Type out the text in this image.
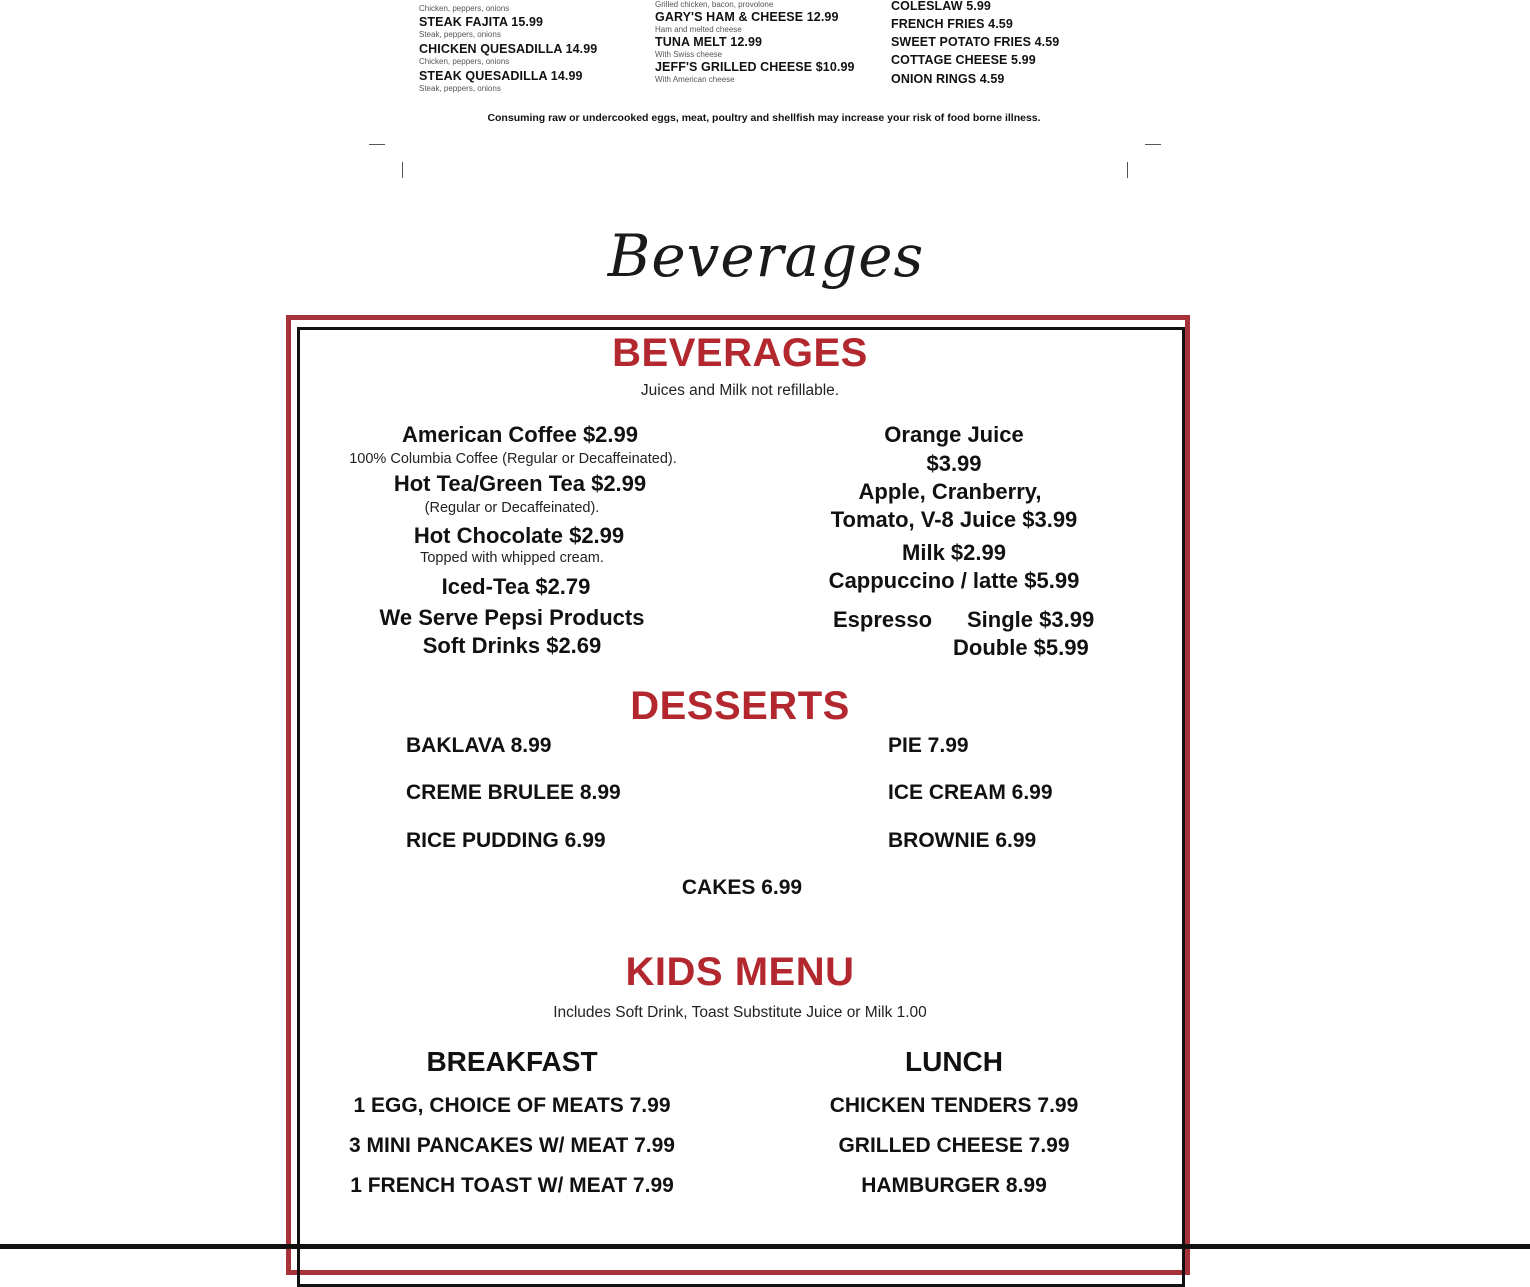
Chicken, peppers, onions
STEAK FAJITA 15.99
Steak, peppers, onions
CHICKEN QUESADILLA 14.99
Chicken, peppers, onions
STEAK QUESADILLA 14.99
Steak, peppers, onions
Grilled chicken, bacon, provolone
GARY'S HAM & CHEESE 12.99
Ham and melted cheese
TUNA MELT 12.99
With Swiss cheese
JEFF'S GRILLED CHEESE $10.99
With American cheese
COLESLAW 5.99
FRENCH FRIES 4.59
SWEET POTATO FRIES 4.59
COTTAGE CHEESE 5.99
ONION RINGS 4.59
Consuming raw or undercooked eggs, meat, poultry and shellfish may increase your risk of food borne illness.
Beverages
BEVERAGES
Juices and Milk not refillable.
American Coffee $2.99
100% Columbia Coffee (Regular or Decaffeinated).
Hot Tea/Green Tea $2.99
(Regular or Decaffeinated).
Hot Chocolate $2.99
Topped with whipped cream.
Iced-Tea $2.79
We Serve Pepsi Products
Soft Drinks $2.69
Orange Juice
$3.99
Apple, Cranberry,
Tomato, V-8 Juice $3.99
Milk $2.99
Cappuccino / latte $5.99
Espresso Single $3.99
Double $5.99
DESSERTS
BAKLAVA 8.99
CREME BRULEE 8.99
RICE PUDDING 6.99
PIE 7.99
ICE CREAM 6.99
BROWNIE 6.99
CAKES 6.99
KIDS MENU
Includes Soft Drink, Toast Substitute Juice or Milk 1.00
BREAKFAST
1 EGG, CHOICE OF MEATS 7.99
3 MINI PANCAKES W/ MEAT 7.99
1 FRENCH TOAST W/ MEAT 7.99
LUNCH
CHICKEN TENDERS 7.99
GRILLED CHEESE 7.99
HAMBURGER 8.99
